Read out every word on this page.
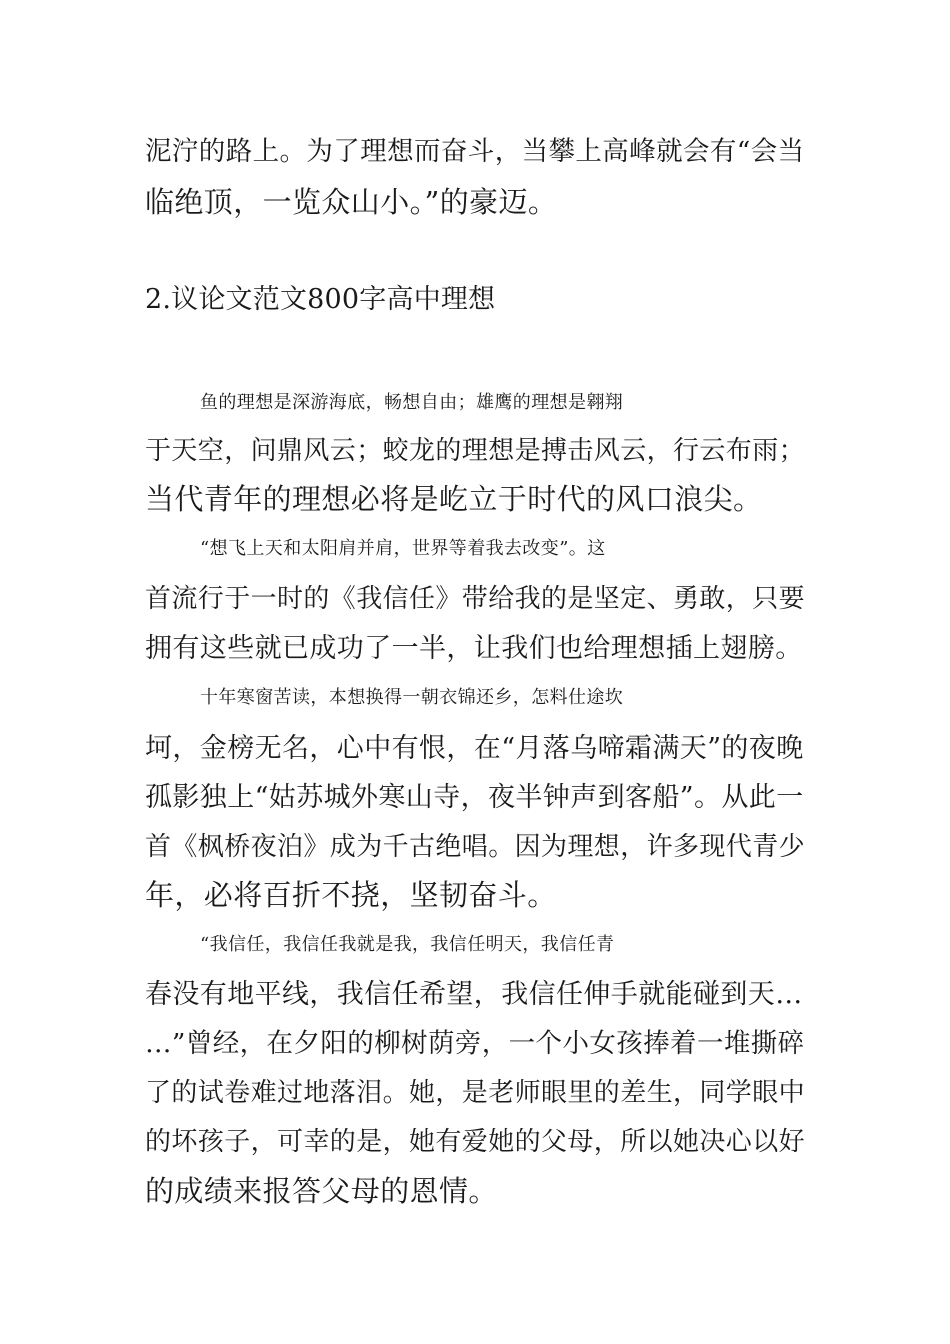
泥泞的路上。为了理想而奋斗，当攀上高峰就会有“会当
临绝顶，一览众山小。”的豪迈。
2.议论文范文800字高中理想
鱼的理想是深游海底，畅想自由；雄鹰的理想是翱翔
于天空，问鼎风云；蛟龙的理想是搏击风云，行云布雨；
当代青年的理想必将是屹立于时代的风口浪尖。
“想飞上天和太阳肩并肩，世界等着我去改变”。这
首流行于一时的《我信任》带给我的是坚定、勇敢，只要
拥有这些就已成功了一半，让我们也给理想插上翅膀。
十年寒窗苦读，本想换得一朝衣锦还乡，怎料仕途坎
坷，金榜无名，心中有恨，在“月落乌啼霜满天”的夜晚
孤影独上“姑苏城外寒山寺，夜半钟声到客船”。从此一
首《枫桥夜泊》成为千古绝唱。因为理想，许多现代青少
年，必将百折不挠，坚韧奋斗。
“我信任，我信任我就是我，我信任明天，我信任青
春没有地平线，我信任希望，我信任伸手就能碰到天…
…”曾经，在夕阳的柳树荫旁，一个小女孩捧着一堆撕碎
了的试卷难过地落泪。她，是老师眼里的差生，同学眼中
的坏孩子，可幸的是，她有爱她的父母，所以她决心以好
的成绩来报答父母的恩情。
